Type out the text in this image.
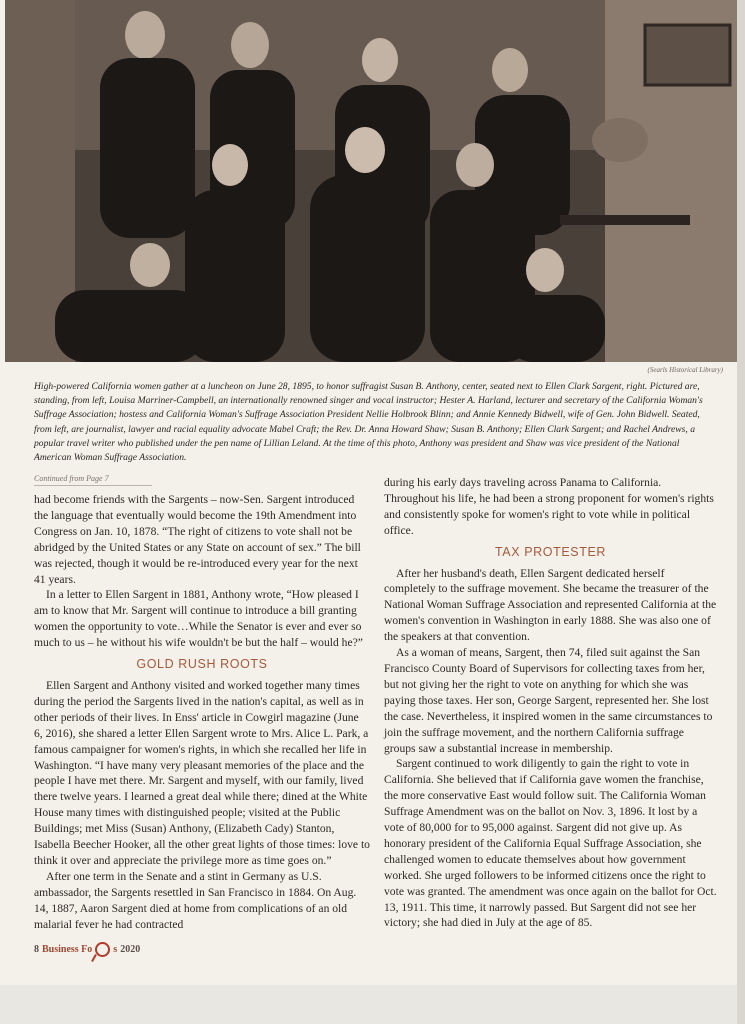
(Searls Historical Library)

High-powered California women gather at a luncheon on June 28, 1895, to honor suffragist Susan B. Anthony, center, seated next to Ellen Clark Sargent, right. Pictured are, standing, from left, Louisa Marriner-Campbell, an internationally renowned singer and vocal instructor; Hester A. Harland, lecturer and secretary of the California Woman's Suffrage Association; hostess and California Woman's Suffrage Association President Nellie Holbrook Blinn; and Annie Kennedy Bidwell, wife of Gen. John Bidwell. Seated, from left, are journalist, lawyer and racial equality advocate Mabel Craft; the Rev. Dr. Anna Howard Shaw; Susan B. Anthony; Ellen Clark Sargent; and Rachel Andrews, a popular travel writer who published under the pen name of Lillian Leland. At the time of this photo, Anthony was president and Shaw was vice president of the National American Woman Suffrage Association.

Continued from Page 7

had become friends with the Sargents – now-Sen. Sargent introduced the language that eventually would become the 19th Amendment into Congress on Jan. 10, 1878. “The right of citizens to vote shall not be abridged by the United States or any State on account of sex.” The bill was rejected, though it would be re-introduced every year for the next 41 years.

In a letter to Ellen Sargent in 1881, Anthony wrote, “How pleased I am to know that Mr. Sargent will continue to introduce a bill granting women the opportunity to vote…While the Senator is ever and ever so much to us – he without his wife wouldn't be but the half – would he?”

GOLD RUSH ROOTS

Ellen Sargent and Anthony visited and worked together many times during the period the Sargents lived in the nation's capital, as well as in other periods of their lives. In Enss' article in Cowgirl magazine (June 6, 2016), she shared a letter Ellen Sargent wrote to Mrs. Alice L. Park, a famous campaigner for women's rights, in which she recalled her life in Washington. “I have many very pleasant memories of the place and the people I have met there. Mr. Sargent and myself, with our family, lived there twelve years. I learned a great deal while there; dined at the White House many times with distinguished people; visited at the Public Buildings; met Miss (Susan) Anthony, (Elizabeth Cady) Stanton, Isabella Beecher Hooker, all the other great lights of those times: love to think it over and appreciate the privilege more as time goes on.”

After one term in the Senate and a stint in Germany as U.S. ambassador, the Sargents resettled in San Francisco in 1884. On Aug. 14, 1887, Aaron Sargent died at home from complications of an old malarial fever he had contracted

during his early days traveling across Panama to California. Throughout his life, he had been a strong proponent for women's rights and consistently spoke for women's right to vote while in political office.

TAX PROTESTER

After her husband's death, Ellen Sargent dedicated herself completely to the suffrage movement. She became the treasurer of the National Woman Suffrage Association and represented California at the women's convention in Washington in early 1888. She was also one of the speakers at that convention.

As a woman of means, Sargent, then 74, filed suit against the San Francisco County Board of Supervisors for collecting taxes from her, but not giving her the right to vote on anything for which she was paying those taxes. Her son, George Sargent, represented her. She lost the case. Nevertheless, it inspired women in the same circumstances to join the suffrage movement, and the northern California suffrage groups saw a substantial increase in membership.

Sargent continued to work diligently to gain the right to vote in California. She believed that if California gave women the franchise, the more conservative East would follow suit. The California Woman Suffrage Amendment was on the ballot on Nov. 3, 1896. It lost by a vote of 80,000 for to 95,000 against. Sargent did not give up. As honorary president of the California Equal Suffrage Association, she challenged women to educate themselves about how government worked. She urged followers to be informed citizens once the right to vote was granted. The amendment was once again on the ballot for Oct. 13, 1911. This time, it narrowly passed. But Sargent did not see her victory; she had died in July at the age of 85.

8 Business Fo s 2020
